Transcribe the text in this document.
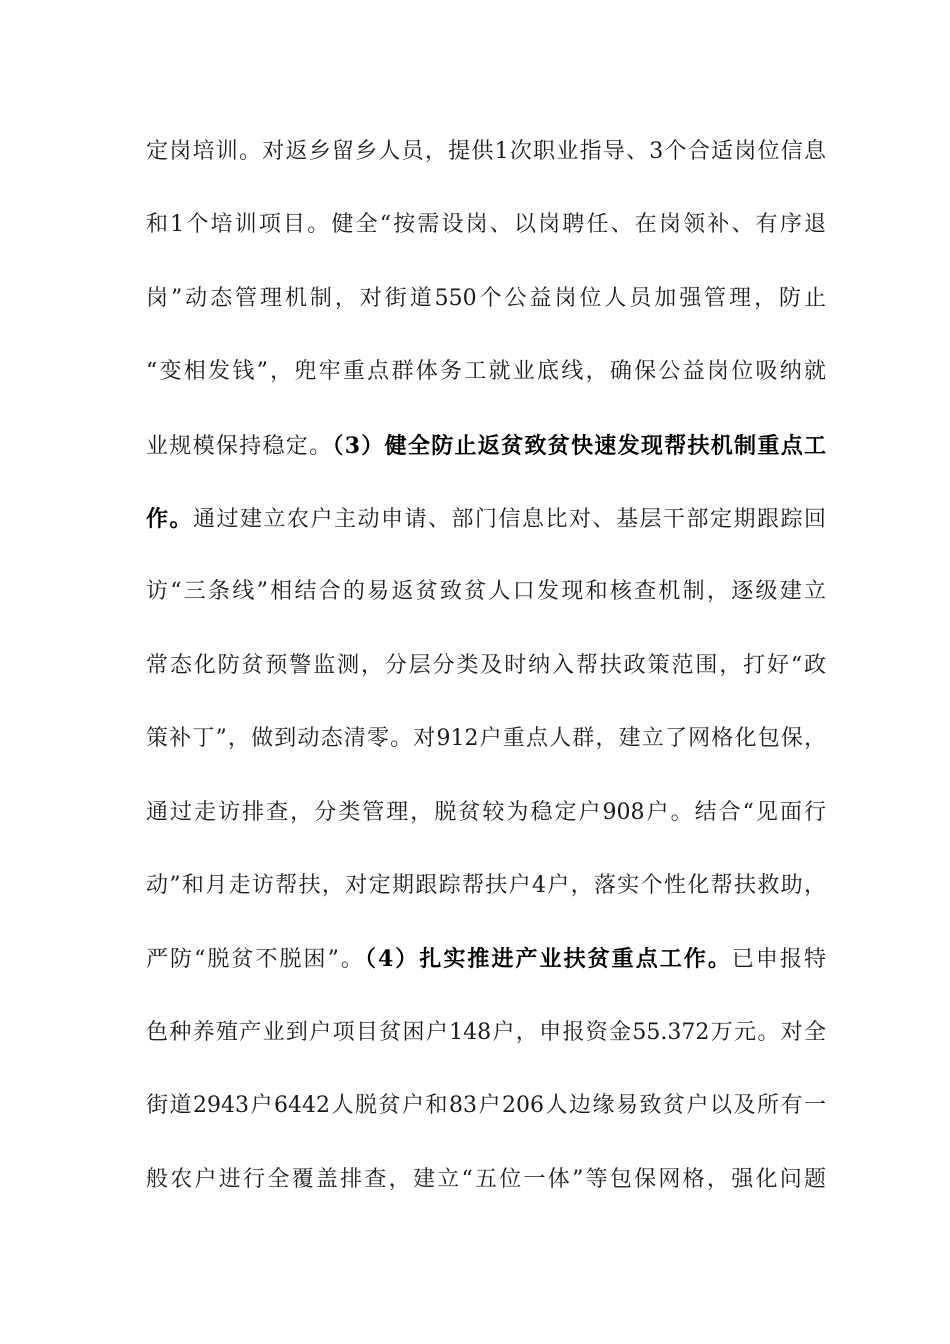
定岗培训。对返乡留乡人员，提供1次职业指导、3个合适岗位信息
和1个培训项目。健全“按需设岗、以岗聘任、在岗领补、有序退
岗”动态管理机制，对街道550个公益岗位人员加强管理，防止
“变相发钱”，兜牢重点群体务工就业底线，确保公益岗位吸纳就
业规模保持稳定。（3）健全防止返贫致贫快速发现帮扶机制重点工
作。通过建立农户主动申请、部门信息比对、基层干部定期跟踪回
访“三条线”相结合的易返贫致贫人口发现和核查机制，逐级建立
常态化防贫预警监测，分层分类及时纳入帮扶政策范围，打好“政
策补丁”，做到动态清零。对912户重点人群，建立了网格化包保，
通过走访排查，分类管理，脱贫较为稳定户908户。结合“见面行
动”和月走访帮扶，对定期跟踪帮扶户4户，落实个性化帮扶救助，
严防“脱贫不脱困”。（4）扎实推进产业扶贫重点工作。已申报特
色种养殖产业到户项目贫困户148户，申报资金55.372万元。对全
街道2943户6442人脱贫户和83户206人边缘易致贫户以及所有一
般农户进行全覆盖排查，建立“五位一体”等包保网格，强化问题
